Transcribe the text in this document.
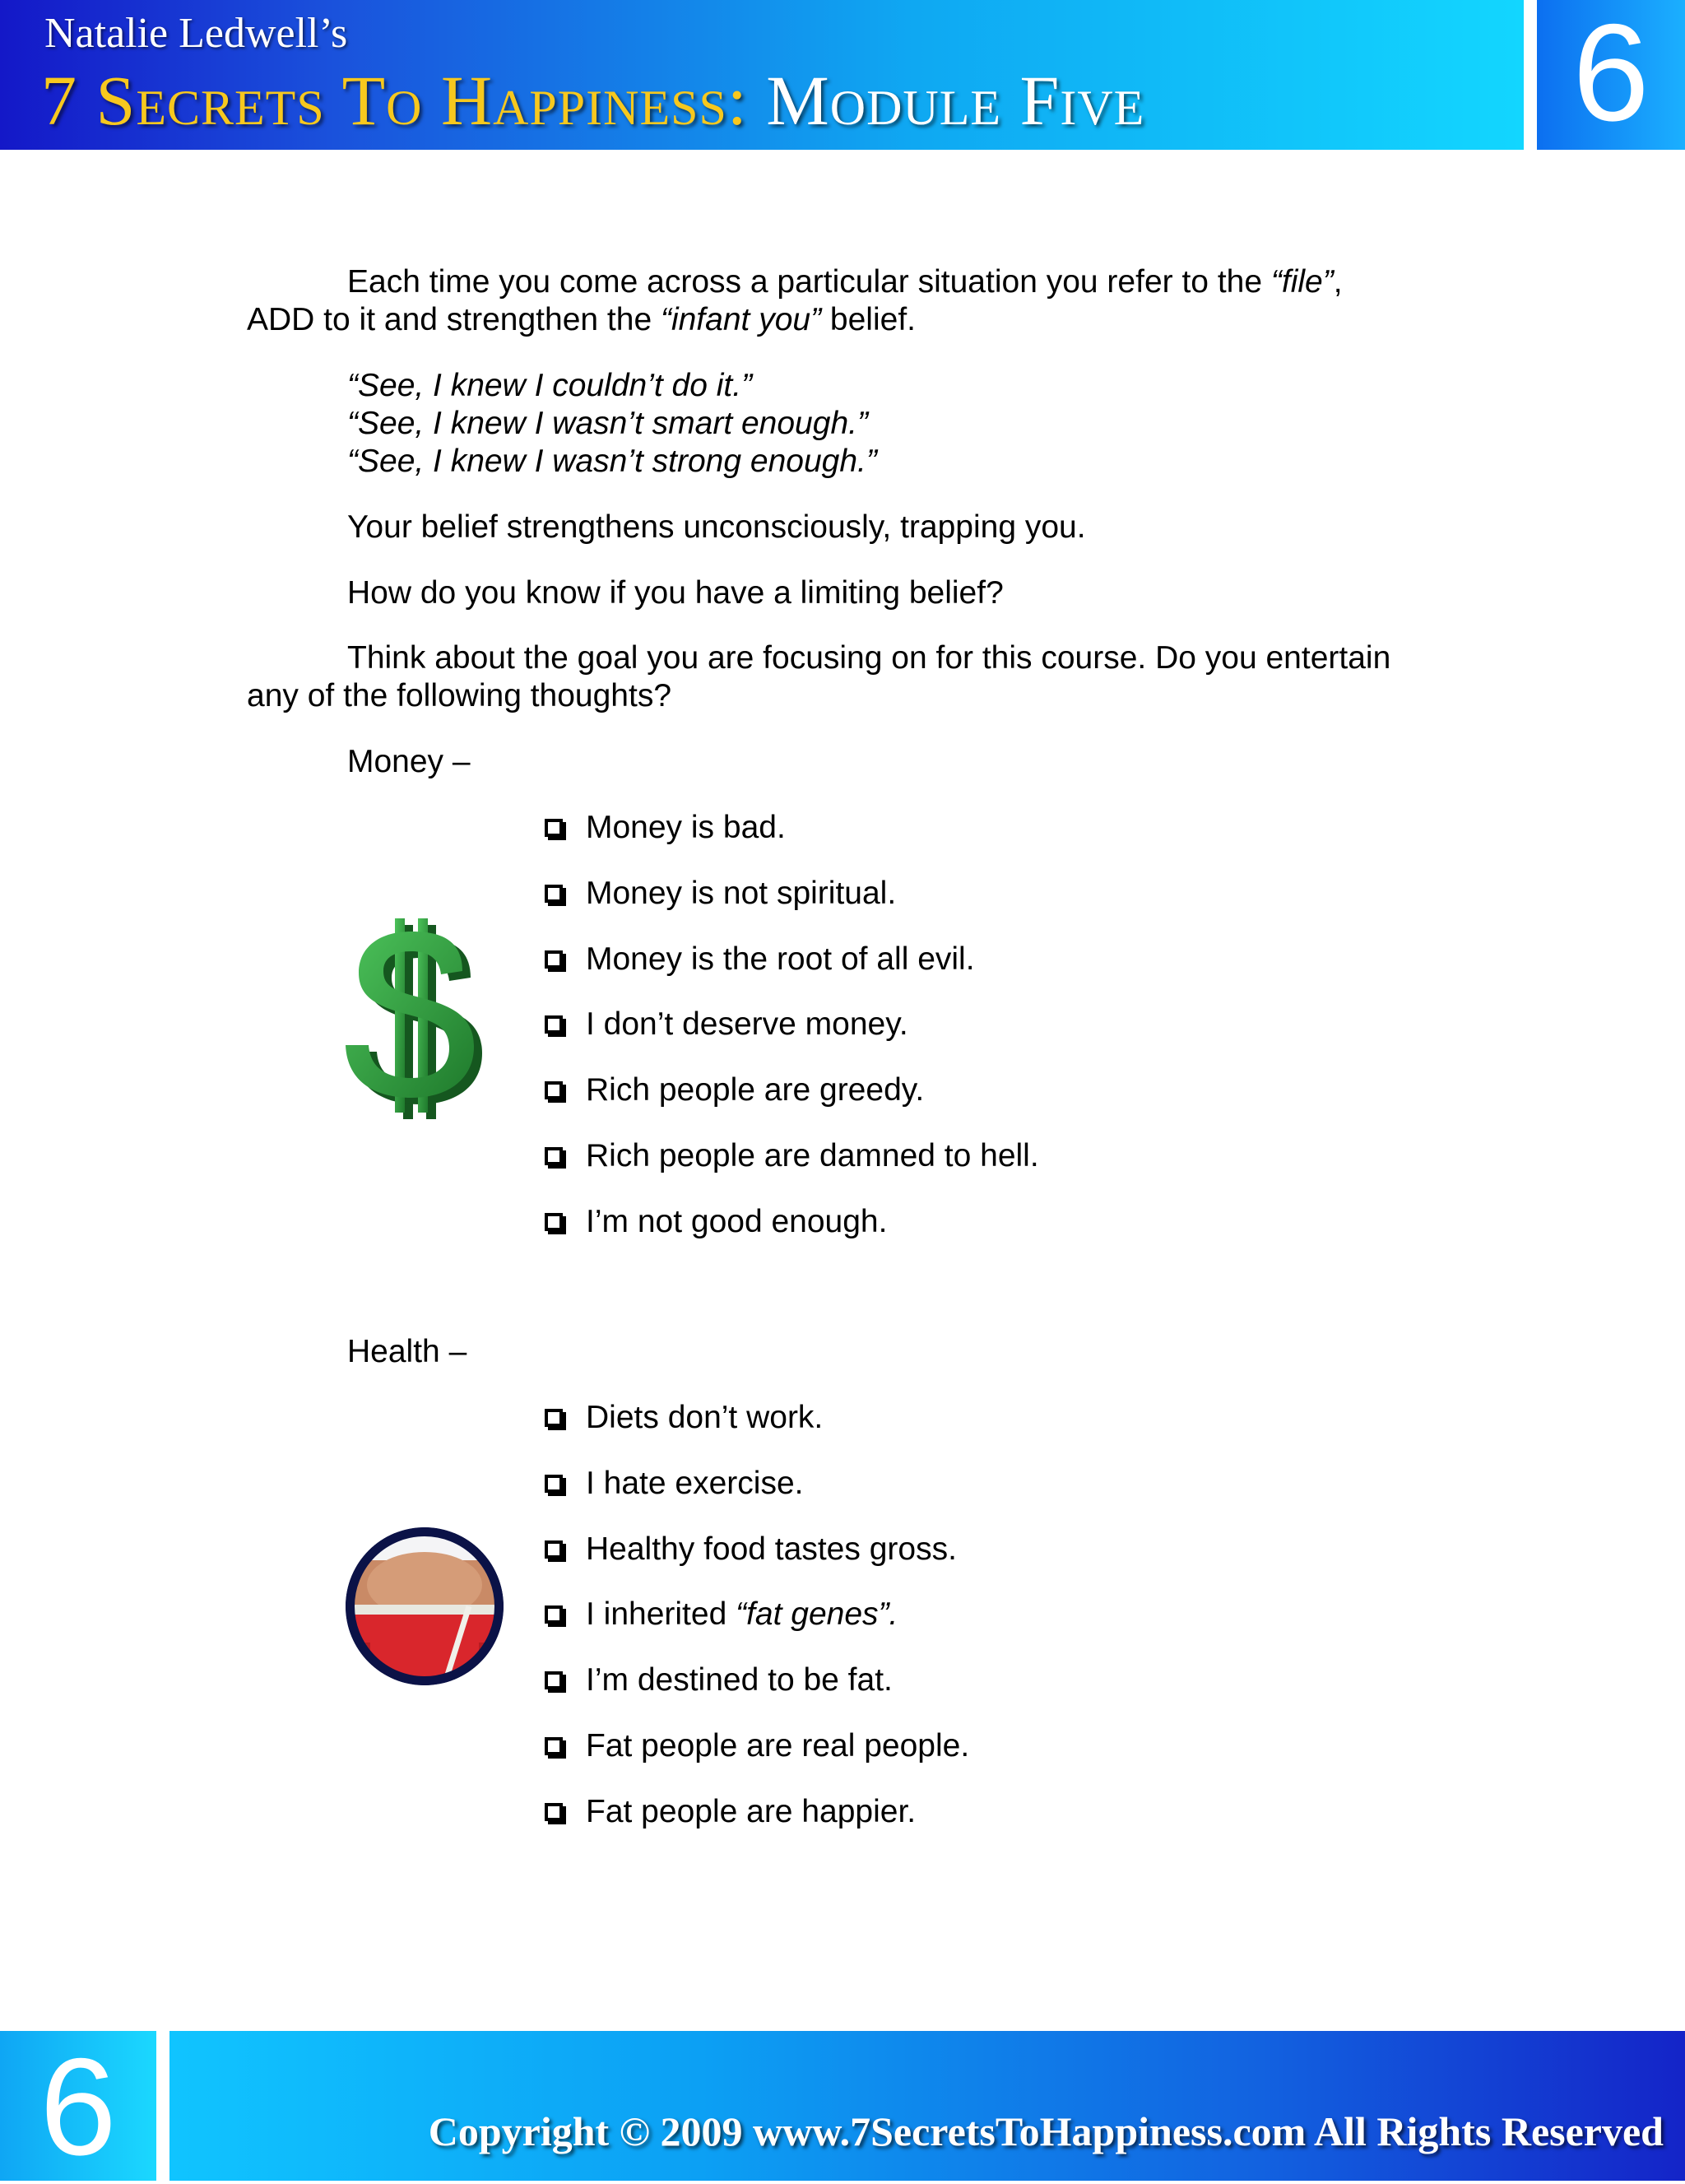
Natalie Ledwell’s
7 Secrets To Happiness: Module Five	6
Each time you come across a particular situation you refer to the “file”,
ADD to it and strengthen the “infant you” belief.
“See, I knew I couldn’t do it.”
“See, I knew I wasn’t smart enough.”
“See, I knew I wasn’t strong enough.”
Your belief strengthens unconsciously, trapping you.
How do you know if you have a limiting belief?
Think about the goal you are focusing on for this course. Do you entertain
any of the following thoughts?
Money –
Money is bad.
Money is not spiritual.
Money is the root of all evil.
I don’t deserve money.
Rich people are greedy.
Rich people are damned to hell.
I’m not good enough.
Health –
Diets don’t work.
I hate exercise.
Healthy food tastes gross.
I inherited “fat genes”.
I’m destined to be fat.
Fat people are real people.
Fat people are happier.
6	Copyright © 2009 www.7SecretsToHappiness.com All Rights Reserved
